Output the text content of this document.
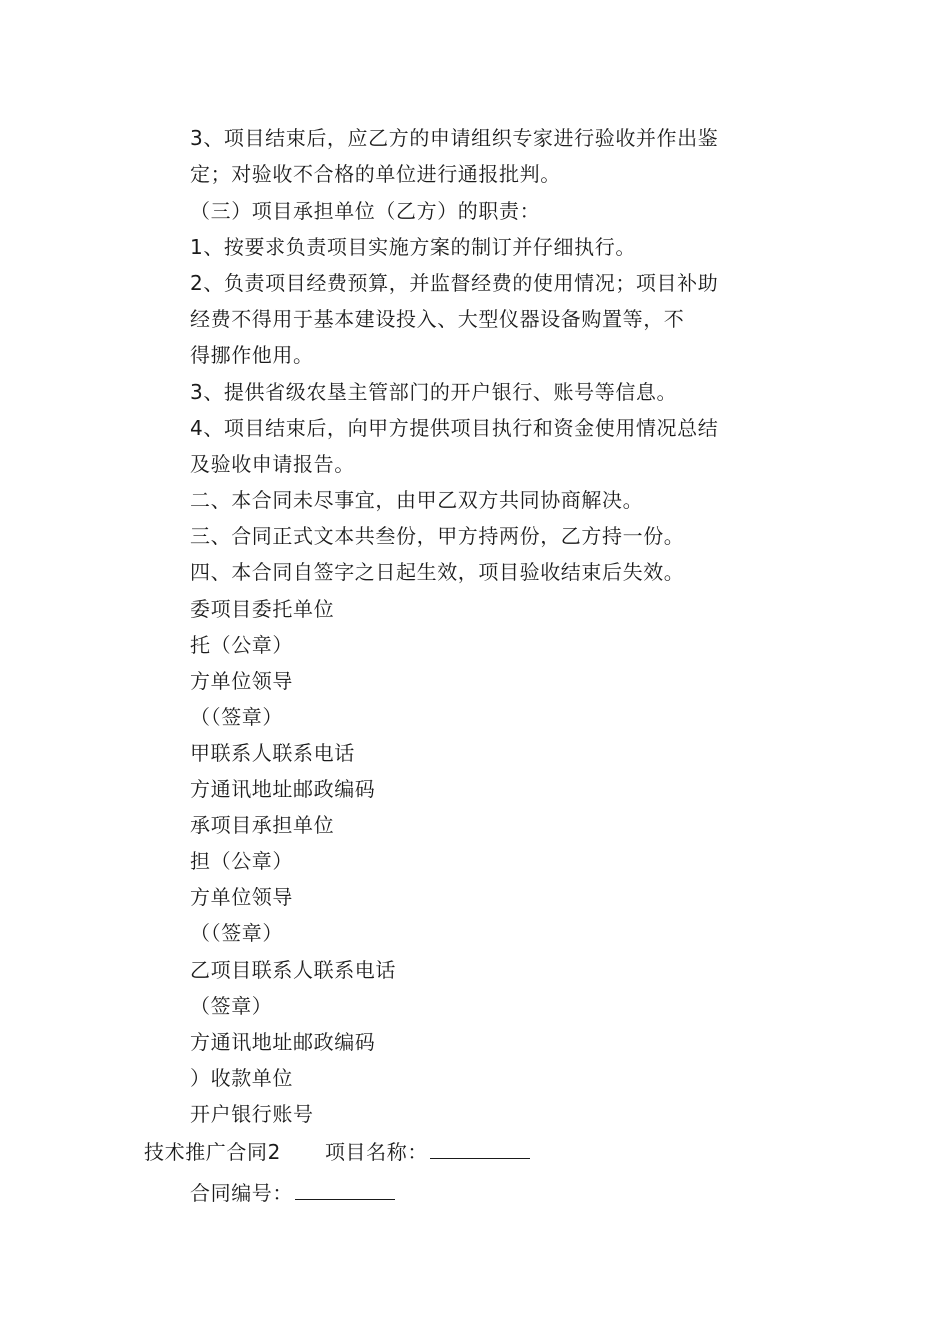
3、项目结束后，应乙方的申请组织专家进行验收并作出鉴
定；对验收不合格的单位进行通报批判。
（三）项目承担单位（乙方）的职责：
1、按要求负责项目实施方案的制订并仔细执行。
2、负责项目经费预算，并监督经费的使用情况；项目补助
经费不得用于基本建设投入、大型仪器设备购置等，不
得挪作他用。
3、提供省级农垦主管部门的开户银行、账号等信息。
4、项目结束后，向甲方提供项目执行和资金使用情况总结
及验收申请报告。
二、本合同未尽事宜，由甲乙双方共同协商解决。
三、合同正式文本共叁份，甲方持两份，乙方持一份。
四、本合同自签字之日起生效，项目验收结束后失效。
委项目委托单位
托（公章）
方单位领导
（（签章）
甲联系人联系电话
方通讯地址邮政编码
承项目承担单位
担（公章）
方单位领导
（（签章）
乙项目联系人联系电话
（签章）
方通讯地址邮政编码
）收款单位
开户银行账号
技术推广合同2 项目名称：
合同编号：
